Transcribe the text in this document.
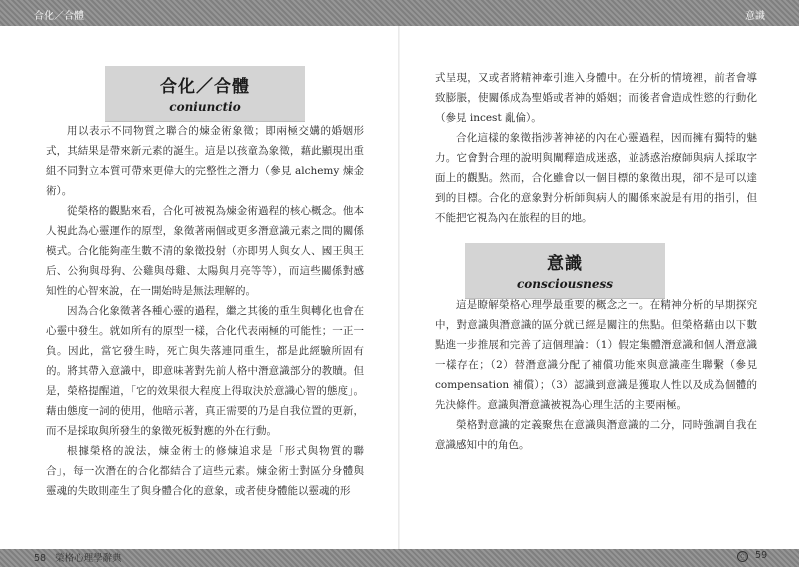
合化／合體	意識
合化／合體
coniunctio

用以表示不同物質之聯合的煉金術象徵；即兩極交媾的婚姻形式，其結果是帶來新元素的誕生。這是以孩童為象徵，藉此顯現出重組不同對立本質可帶來更偉大的完整性之潛力（參見 alchemy 煉金術）。

從榮格的觀點來看，合化可被視為煉金術過程的核心概念。他本人視此為心靈運作的原型，象徵著兩個或更多潛意識元素之間的關係模式。合化能夠產生數不清的象徵投射（亦即男人與女人、國王與王后、公狗與母狗、公雞與母雞、太陽與月亮等等），而這些關係對感知性的心智來說，在一開始時是無法理解的。

因為合化象徵著各種心靈的過程，繼之其後的重生與轉化也會在心靈中發生。就如所有的原型一樣，合化代表兩極的可能性；一正一負。因此，當它發生時，死亡與失落連同重生，都是此經驗所固有的。將其帶入意識中，即意味著對先前人格中潛意識部分的教贖。但是，榮格提醒道，「它的效果很大程度上得取決於意識心智的態度」。藉由態度一詞的使用，他暗示著，真正需要的乃是自我位置的更新，而不是採取與所發生的象徵死板對應的外在行動。

根據榮格的說法，煉金術士的修煉追求是「形式與物質的聯合」，每一次潛在的合化都結合了這些元素。煉金術士對區分身體與靈魂的失敗則產生了與身體合化的意象，或者使身體能以靈魂的形

58 榮格心理學辭典

式呈現，又或者將精神牽引進入身體中。在分析的情境裡，前者會導致膨脹，使關係成為聖婚或者神的婚姻；而後者會造成性慾的行動化（參見 incest 亂倫）。

合化這樣的象徵指涉著神祕的內在心靈過程，因而擁有獨特的魅力。它會對合理的說明與闡釋造成迷惑，並誘惑治療師與病人採取字面上的觀點。然而，合化雖會以一個目標的象徵出現，卻不是可以達到的目標。合化的意象對分析師與病人的關係來說是有用的指引，但不能把它視為內在旅程的目的地。

意識
consciousness

這是瞭解榮格心理學最重要的概念之一。在精神分析的早期探究中，對意識與潛意識的區分就已經是關注的焦點。但榮格藉由以下數點進一步推展和完善了這個理論：（1）假定集體潛意識和個人潛意識一樣存在；（2）替潛意識分配了補償功能來與意識產生聯繫（參見 compensation 補償）；（3）認識到意識是獲取人性以及成為個體的先決條件。意識與潛意識被視為心理生活的主要兩極。

榮格對意識的定義聚焦在意識與潛意識的二分，同時強調自我在意識感知中的角色。

Ⓒ 59
